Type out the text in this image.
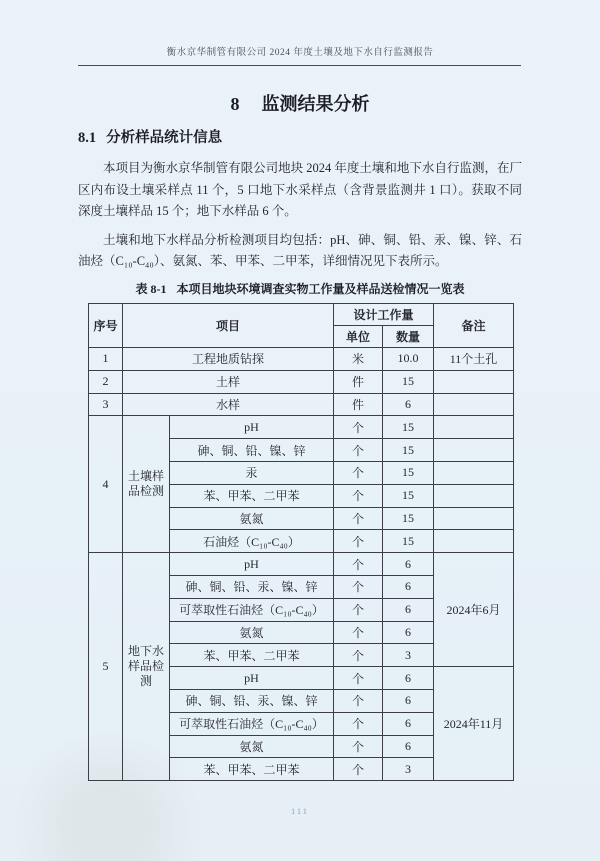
衡水京华制管有限公司 2024 年度土壤及地下水自行监测报告
8 监测结果分析
8.1 分析样品统计信息

本项目为衡水京华制管有限公司地块 2024 年度土壤和地下水自行监测，在厂区内布设土壤采样点 11 个，5 口地下水采样点（含背景监测井 1 口）。获取不同深度土壤样品 15 个；地下水样品 6 个。

土壤和地下水样品分析检测项目均包括：pH、砷、铜、铅、汞、镍、锌、石油烃（C₁₀-C₄₀）、氨氮、苯、甲苯、二甲苯，详细情况见下表所示。

表 8-1 本项目地块环境调查实物工作量及样品送检情况一览表
序号	项目		设计工作量		备注
			单位	数量	
1	工程地质钻探		米	10.0	11个土孔
2	土样		件	15	
3	水样		件	6	
4	土壤样品检测	pH	个	15	
		砷、铜、铅、镍、锌	个	15	
		汞	个	15	
		苯、甲苯、二甲苯	个	15	
		氨氮	个	15	
		石油烃（C₁₀-C₄₀）	个	15	
5	地下水样品检测	pH	个	6	2024年6月
		砷、铜、铅、汞、镍、锌	个	6	
		可萃取性石油烃（C₁₀-C₄₀）	个	6	
		氨氮	个	6	
		苯、甲苯、二甲苯	个	3	
		pH	个	6	2024年11月
		砷、铜、铅、汞、镍、锌	个	6	
		可萃取性石油烃（C₁₀-C₄₀）	个	6	
		氨氮	个	6	
		苯、甲苯、二甲苯	个	3	
111
